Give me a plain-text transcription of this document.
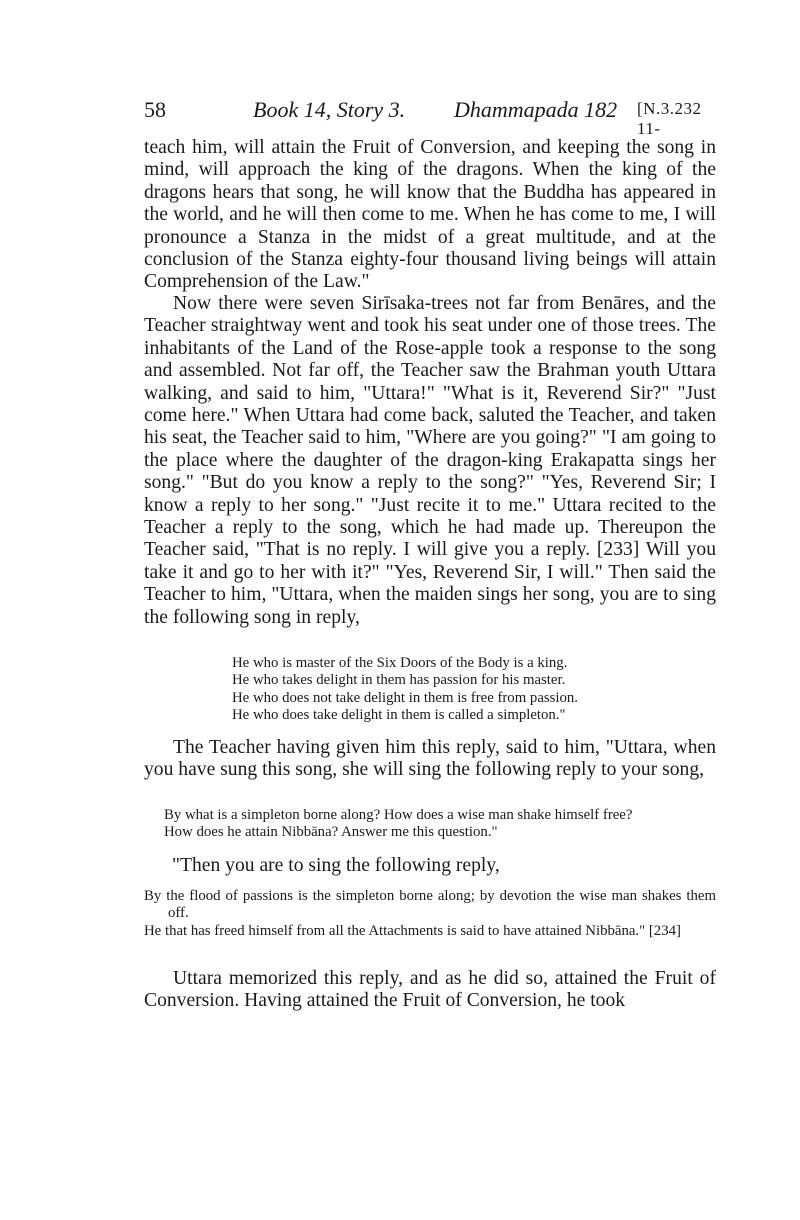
58	Book 14, Story 3. Dhammapada 182 [N.3.232 11-

teach him, will attain the Fruit of Conversion, and keeping the song in mind, will approach the king of the dragons. When the king of the dragons hears that song, he will know that the Buddha has appeared in the world, and he will then come to me. When he has come to me, I will pronounce a Stanza in the midst of a great multitude, and at the conclusion of the Stanza eighty-four thousand living beings will attain Comprehension of the Law."

Now there were seven Sirīsaka-trees not far from Benāres, and the Teacher straightway went and took his seat under one of those trees. The inhabitants of the Land of the Rose-apple took a response to the song and assembled. Not far off, the Teacher saw the Brahman youth Uttara walking, and said to him, "Uttara!" "What is it, Reverend Sir?" "Just come here." When Uttara had come back, saluted the Teacher, and taken his seat, the Teacher said to him, "Where are you going?" "I am going to the place where the daughter of the dragon-king Erakapatta sings her song." "But do you know a reply to the song?" "Yes, Reverend Sir; I know a reply to her song." "Just recite it to me." Uttara recited to the Teacher a reply to the song, which he had made up. Thereupon the Teacher said, "That is no reply. I will give you a reply. [233] Will you take it and go to her with it?" "Yes, Reverend Sir, I will." Then said the Teacher to him, "Uttara, when the maiden sings her song, you are to sing the following song in reply,

He who is master of the Six Doors of the Body is a king.
He who takes delight in them has passion for his master.
He who does not take delight in them is free from passion.
He who does take delight in them is called a simpleton."

The Teacher having given him this reply, said to him, "Uttara, when you have sung this song, she will sing the following reply to your song,

By what is a simpleton borne along? How does a wise man shake himself free?
How does he attain Nibbāna? Answer me this question."
"Then you are to sing the following reply,

By the flood of passions is the simpleton borne along; by devotion the wise man shakes them off.

He that has freed himself from all the Attachments is said to have attained Nibbāna." [234]

Uttara memorized this reply, and as he did so, attained the Fruit of Conversion. Having attained the Fruit of Conversion, he took
